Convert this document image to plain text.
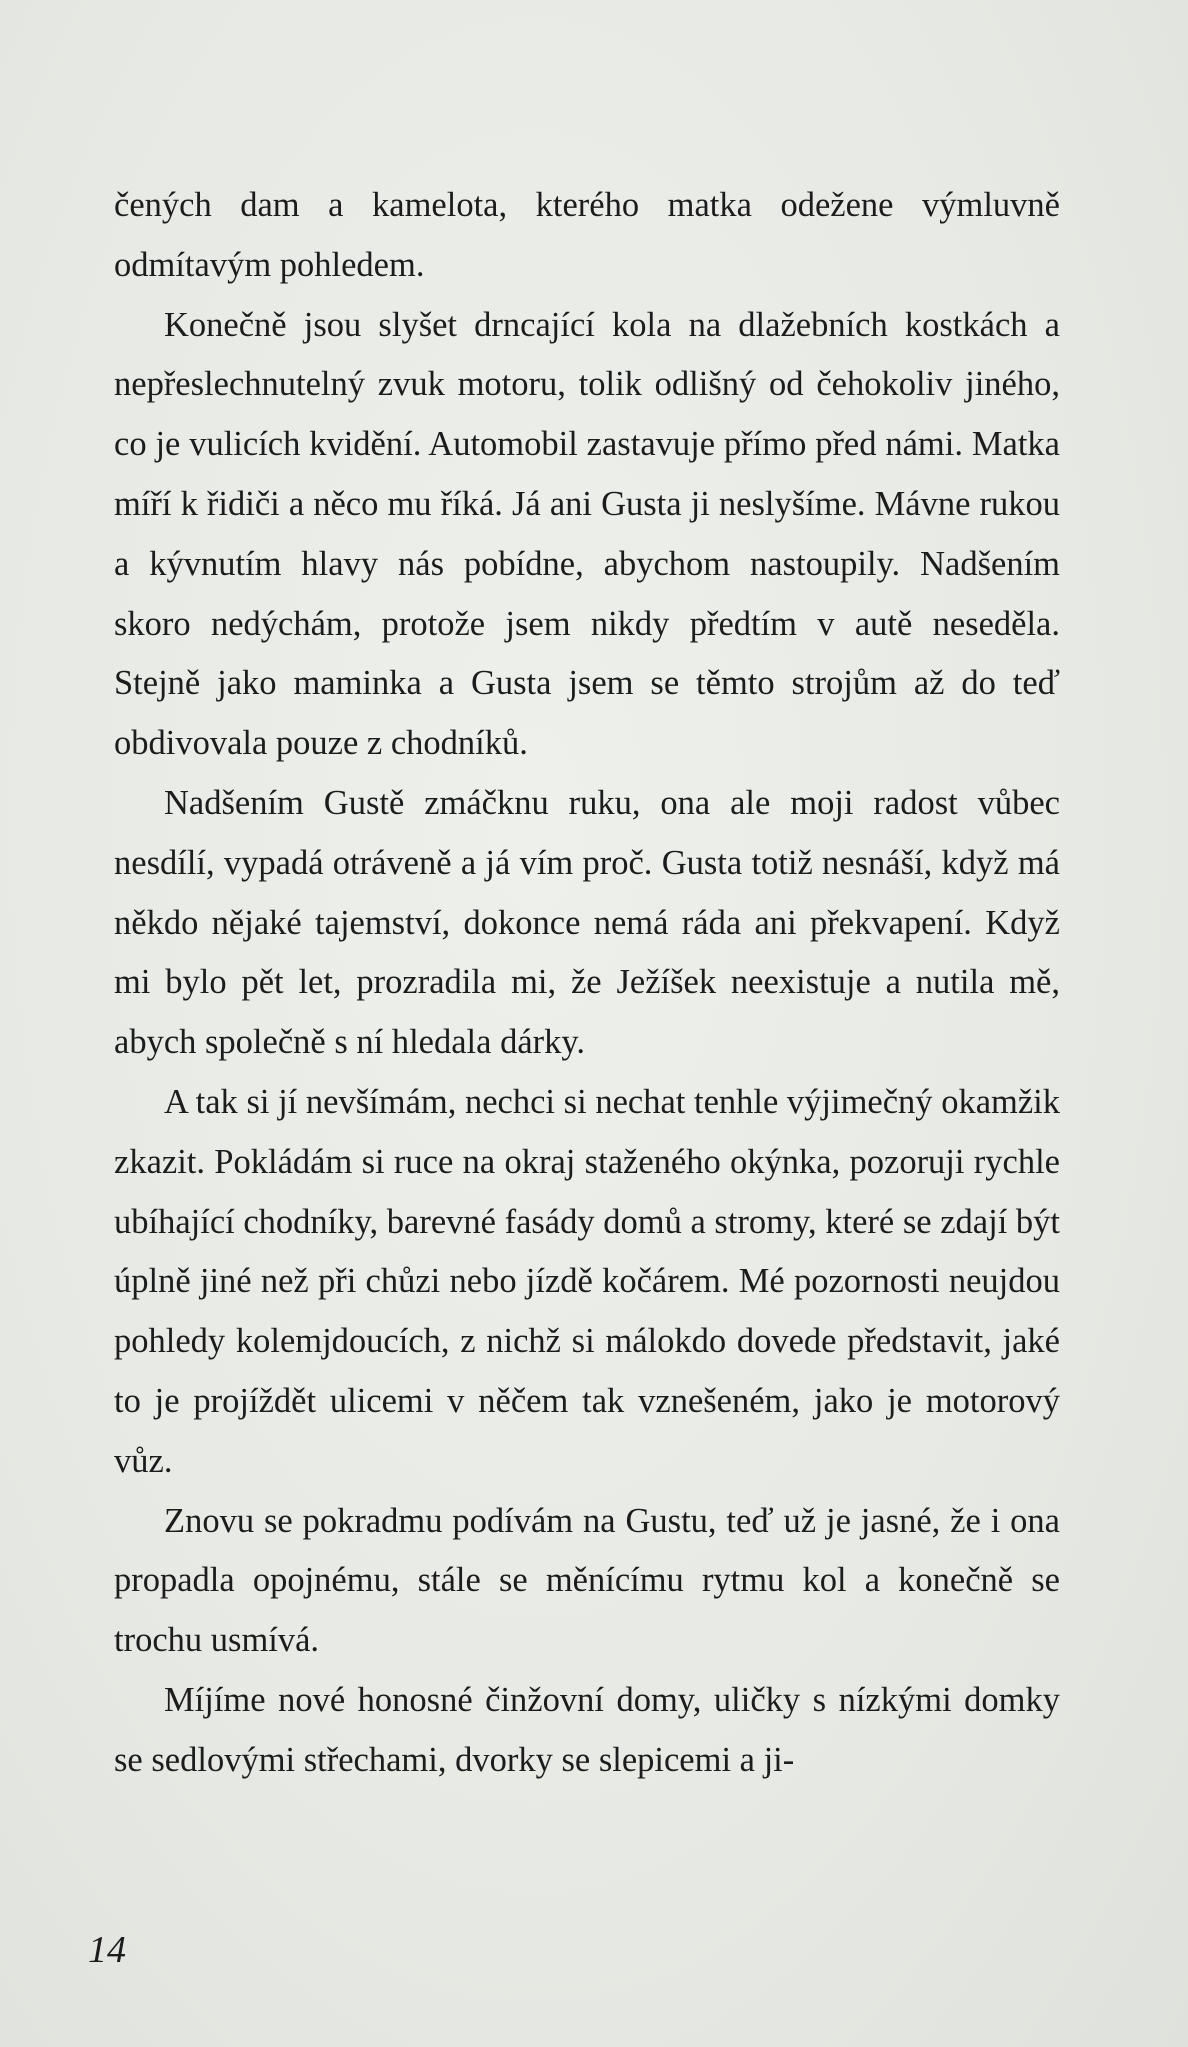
čených dam a kamelota, kterého matka odežene výmluvně odmítavým pohledem.

Konečně jsou slyšet drncající kola na dlažebních kostkách a nepřeslechnutelný zvuk motoru, tolik odlišný od čehokoliv jiného, co je vulicích kvidění. Automobil zastavuje přímo před námi. Matka míří k řidiči a něco mu říká. Já ani Gusta ji neslyšíme. Mávne rukou a kývnutím hlavy nás pobídne, abychom nastoupily. Nadšením skoro nedýchám, protože jsem nikdy předtím v autě neseděla. Stejně jako maminka a Gusta jsem se těmto strojům až do teď obdivovala pouze z chodníků.

Nadšením Gustě zmáčknu ruku, ona ale moji radost vůbec nesdílí, vypadá otráveně a já vím proč. Gusta totiž nesnáší, když má někdo nějaké tajemství, dokonce nemá ráda ani překvapení. Když mi bylo pět let, prozradila mi, že Ježíšek neexistuje a nutila mě, abych společně s ní hledala dárky.

A tak si jí nevšímám, nechci si nechat tenhle výjimečný okamžik zkazit. Pokládám si ruce na okraj staženého okýnka, pozoruji rychle ubíhající chodníky, barevné fasády domů a stromy, které se zdají být úplně jiné než při chůzi nebo jízdě kočárem. Mé pozornosti neujdou pohledy kolemjdoucích, z nichž si málokdo dovede představit, jaké to je projíždět ulicemi v něčem tak vznešeném, jako je motorový vůz.

Znovu se pokradmu podívám na Gustu, teď už je jasné, že i ona propadla opojnému, stále se měnícímu rytmu kol a konečně se trochu usmívá.

Míjíme nové honosné činžovní domy, uličky s nízkými domky se sedlovými střechami, dvorky se slepicemi a ji-

14
